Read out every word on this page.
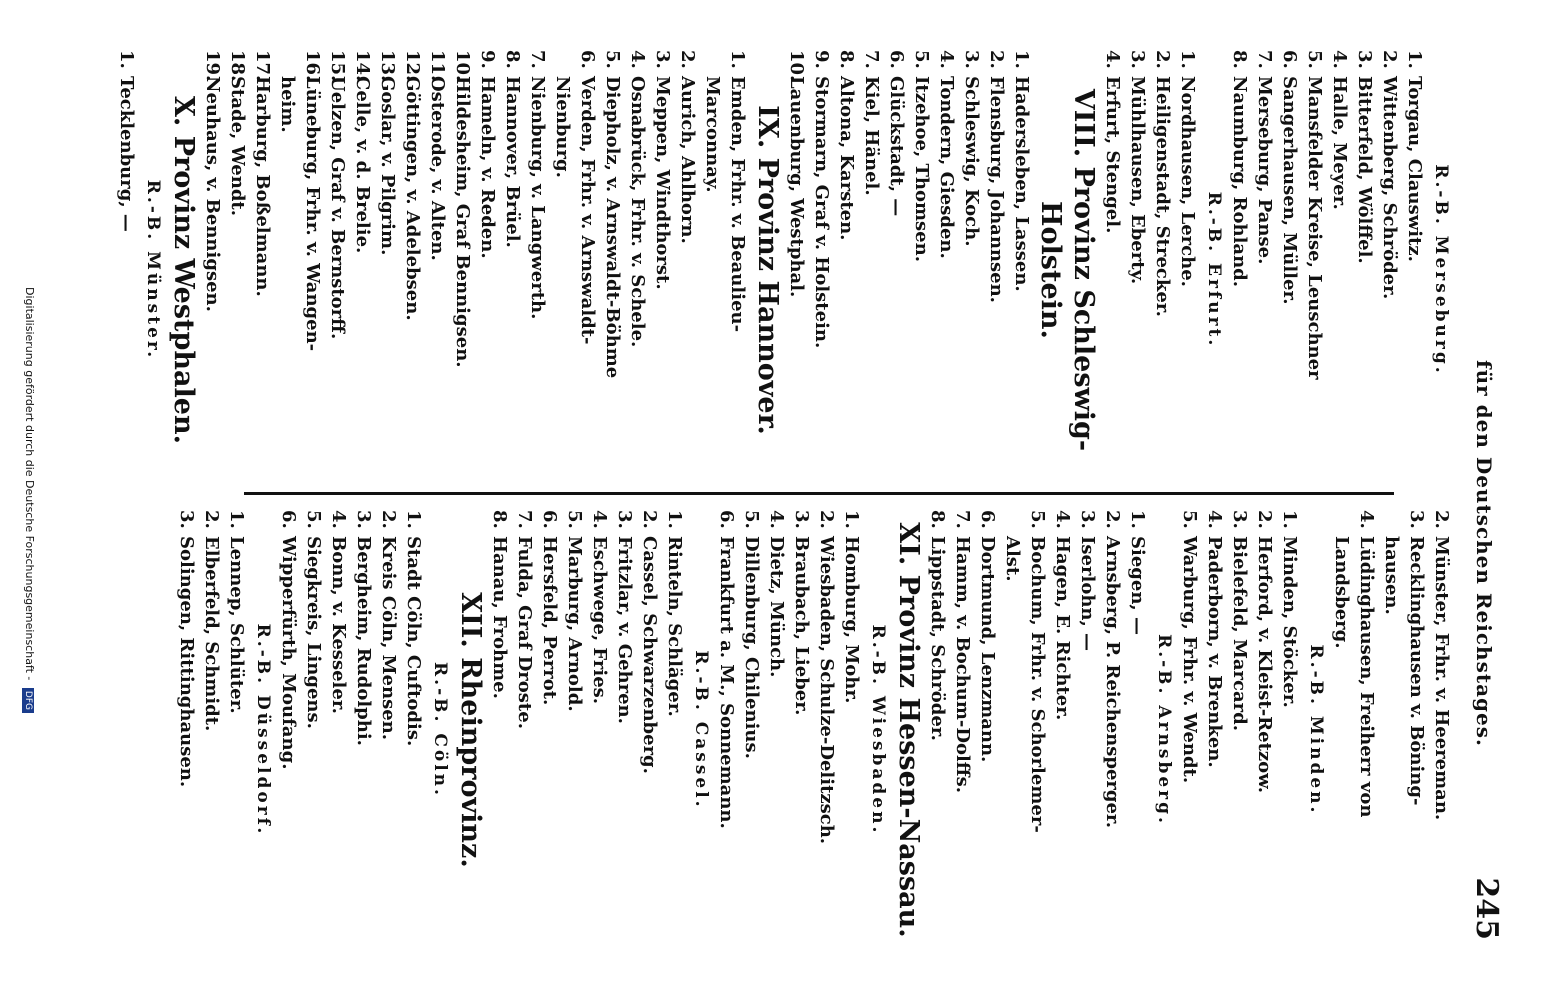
für den Deutschen Reichstages.
245
R.-B. Merseburg.
1.Torgau, Clauswitz.
2.Wittenberg, Schröder.
3.Bitterfeld, Wölffel.
4.Halle, Meyer.
5.Mansfelder Kreise, Leuschner
6.Sangerhausen, Müller.
7.Merseburg, Panse.
8.Naumburg, Rohland.
R.-B. Erfurt.
1.Nordhausen, Lerche.
2.Heiligenstadt, Strecker.
3.Mühlhausen, Eberty.
4.Erfurt, Stengel.
VIII. Provinz Schleswig-
Holstein.
1.Hadersleben, Lassen.
2.Flensburg, Johannsen.
3.Schleswig, Koch.
4.Tondern, Giesden.
5.Itzehoe, Thomsen.
6.Glückstadt, —
7.Kiel, Hänel.
8.Altona, Karsten.
9.Stormarn, Graf v. Holstein.
10.Lauenburg, Westphal.
IX. Provinz Hannover.
1.Emden, Frhr. v. Beaulieu-
Marconnay.
2.Aurich, Ahlhorn.
3.Meppen, Windthorst.
4.Osnabrück, Frhr. v. Schele.
5.Diepholz, v. Arnswaldt-Böhme
6.Verden, Frhr. v. Arnswaldt-
Nienburg.
7.Nienburg, v. Langwerth.
8.Hannover, Brüel.
9.Hameln, v. Reden.
10.Hildesheim, Graf Bennigsen.
11.Osterode, v. Alten.
12.Göttingen, v. Adelebsen.
13.Goslar, v. Pilgrim.
14.Celle, v. d. Brelie.
15.Uelzen, Graf v. Bernstorff.
16.Lüneburg, Frhr. v. Wangen-
heim.
17.Harburg, Boßelmann.
18.Stade, Wendt.
19.Neuhaus, v. Bennigsen.
X. Provinz Westphalen.
R.-B. Münster.
1.Tecklenburg, —
2.Münster, Frhr. v. Heereman.
3.Recklinghausen v. Böning-
hausen.
4.Lüdinghausen, Freiherr von
Landsberg.
R.-B. Minden.
1.Minden, Stöcker.
2.Herford, v. Kleist-Retzow.
3.Bielefeld, Marcard.
4.Paderborn, v. Brenken.
5.Warburg, Frhr. v. Wendt.
R.-B. Arnsberg.
1.Siegen, —
2.Arnsberg, P. Reichensperger.
3.Iserlohn, —
4.Hagen, E. Richter.
5.Bochum, Frhr. v. Schorlemer-
Alst.
6.Dortmund, Lenzmann.
7.Hamm, v. Bochum-Dolffs.
8.Lippstadt, Schröder.
XI. Provinz Hessen-Nassau.
R.-B. Wiesbaden.
1.Homburg, Mohr.
2.Wiesbaden, Schulze-Delitzsch.
3.Braubach, Lieber.
4.Dietz, Münch.
5.Dillenburg, Chilenius.
6.Frankfurt a. M., Sonnemann.
R.-B. Cassel.
1.Rinteln, Schläger.
2.Cassel, Schwarzenberg.
3.Fritzlar, v. Gehren.
4.Eschwege, Fries.
5.Marburg, Arnold.
6.Hersfeld, Perrot.
7.Fulda, Graf Droste.
8.Hanau, Frohme.
XII. Rheinprovinz.
R.-B. Cöln.
1.Stadt Cöln, Cuftodis.
2.Kreis Cöln, Mensen.
3.Bergheim, Rudolphi.
4.Bonn, v. Kesseler.
5.Siegkreis, Lingens.
6.Wipperfürth, Moufang.
R.-B. Düsseldorf.
1.Lennep, Schlüter.
2.Elberfeld, Schmidt.
3.Solingen, Rittinghausen.
Digitalisierung gefördert durch die Deutsche Forschungsgemeinschaft - DFG
